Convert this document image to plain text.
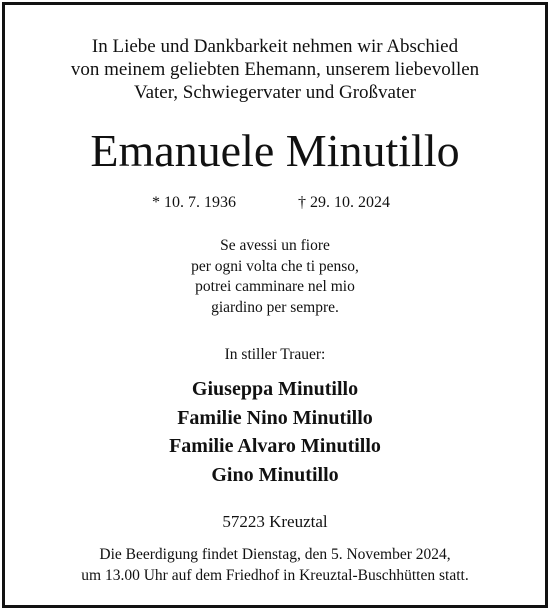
In Liebe und Dankbarkeit nehmen wir Abschied
von meinem geliebten Ehemann, unserem liebevollen
Vater, Schwiegervater und Großvater
Emanuele Minutillo
* 10. 7. 1936	† 29. 10. 2024
Se avessi un fiore
per ogni volta che ti penso,
potrei camminare nel mio
giardino per sempre.
In stiller Trauer:
Giuseppa Minutillo
Familie Nino Minutillo
Familie Alvaro Minutillo
Gino Minutillo
57223 Kreuztal
Die Beerdigung findet Dienstag, den 5. November 2024,
um 13.00 Uhr auf dem Friedhof in Kreuztal-Buschhütten statt.
